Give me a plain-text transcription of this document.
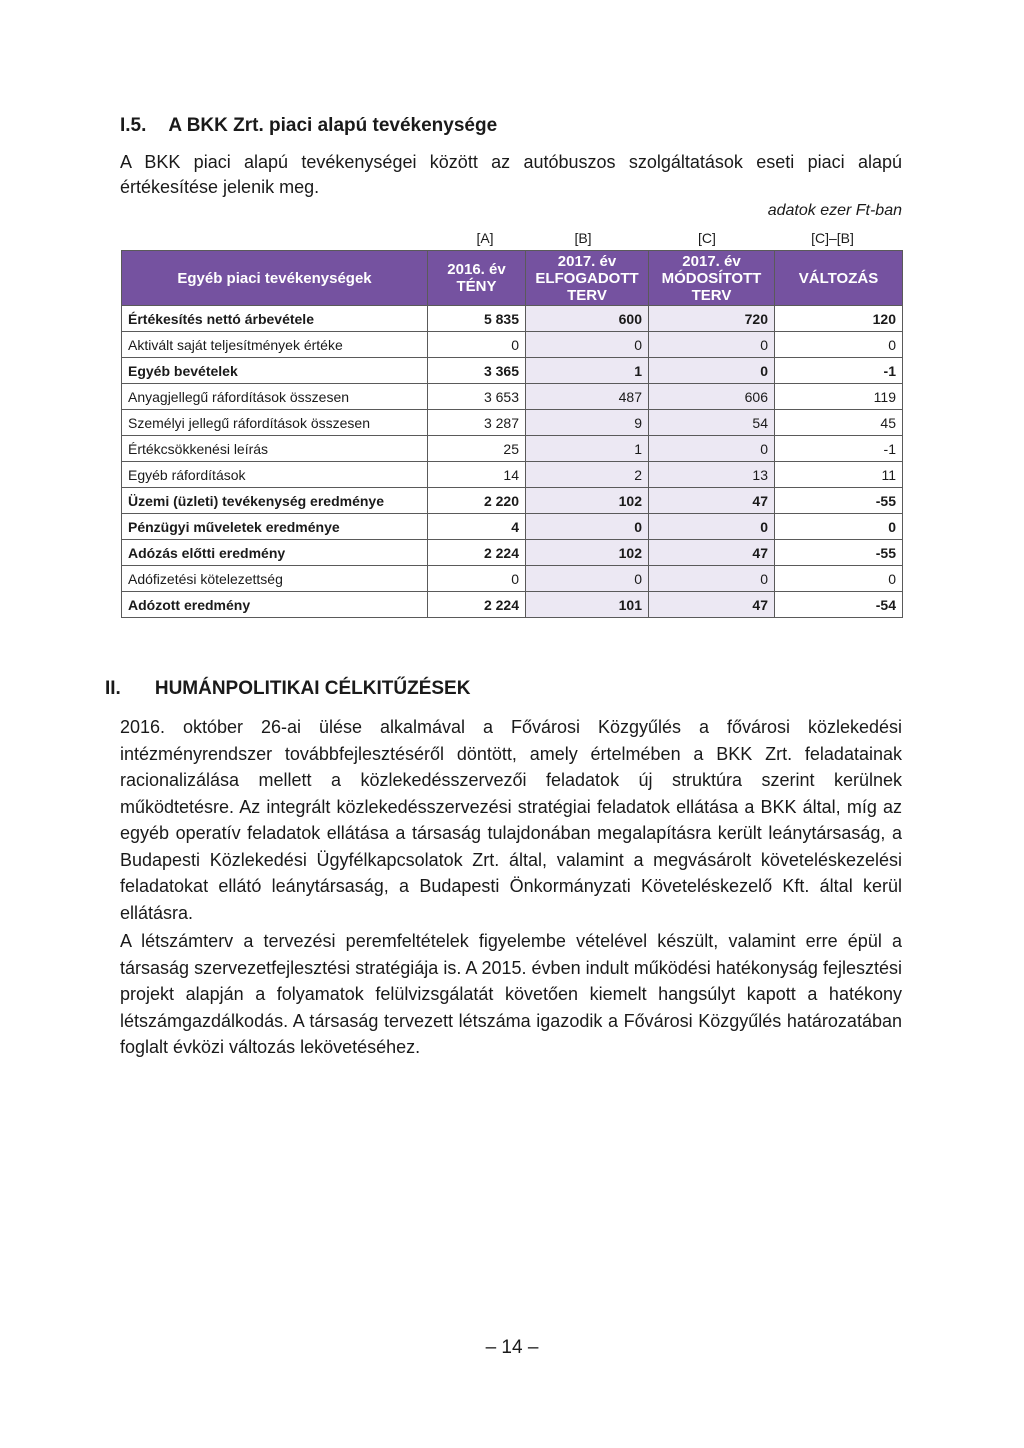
I.5. A BKK Zrt. piaci alapú tevékenysége
A BKK piaci alapú tevékenységei között az autóbuszos szolgáltatások eseti piaci alapú értékesítése jelenik meg.
adatok ezer Ft-ban
[A]	[B]	[C]	[C]–[B]
Egyéb piaci tevékenységek	2016. év TÉNY	2017. év ELFOGADOTT TERV	2017. év MÓDOSÍTOTT TERV	VÁLTOZÁS
Értékesítés nettó árbevétele	5 835	600	720	120
Aktivált saját teljesítmények értéke	0	0	0	0
Egyéb bevételek	3 365	1	0	-1
Anyagjellegű ráfordítások összesen	3 653	487	606	119
Személyi jellegű ráfordítások összesen	3 287	9	54	45
Értékcsökkenési leírás	25	1	0	-1
Egyéb ráfordítások	14	2	13	11
Üzemi (üzleti) tevékenység eredménye	2 220	102	47	-55
Pénzügyi műveletek eredménye	4	0	0	0
Adózás előtti eredmény	2 224	102	47	-55
Adófizetési kötelezettség	0	0	0	0
Adózott eredmény	2 224	101	47	-54
II. HUMÁNPOLITIKAI CÉLKITŰZÉSEK
2016. október 26-ai ülése alkalmával a Fővárosi Közgyűlés a fővárosi közlekedési intézményrendszer továbbfejlesztéséről döntött, amely értelmében a BKK Zrt. feladatainak racionalizálása mellett a közlekedésszervezői feladatok új struktúra szerint kerülnek működtetésre. Az integrált közlekedésszervezési stratégiai feladatok ellátása a BKK által, míg az egyéb operatív feladatok ellátása a társaság tulajdonában megalapításra került leánytársaság, a Budapesti Közlekedési Ügyfélkapcsolatok Zrt. által, valamint a megvásárolt követeléskezelési feladatokat ellátó leánytársaság, a Budapesti Önkormányzati Követeléskezelő Kft. által kerül ellátásra.
A létszámterv a tervezési peremfeltételek figyelembe vételével készült, valamint erre épül a társaság szervezetfejlesztési stratégiája is. A 2015. évben indult működési hatékonyság fejlesztési projekt alapján a folyamatok felülvizsgálatát követően kiemelt hangsúlyt kapott a hatékony létszámgazdálkodás. A társaság tervezett létszáma igazodik a Fővárosi Közgyűlés határozatában foglalt évközi változás lekövetéséhez.
– 14 –
